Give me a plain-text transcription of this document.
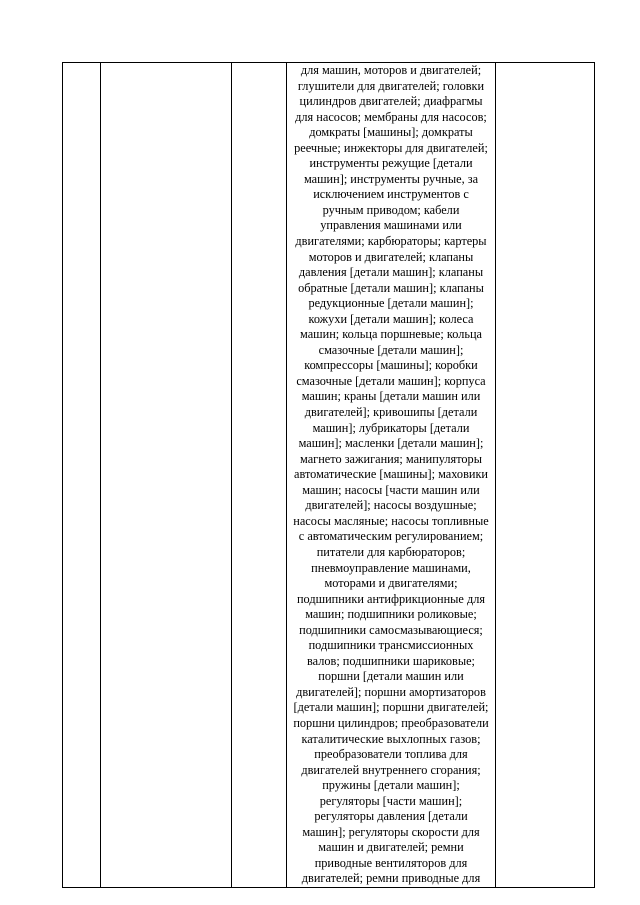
для машин, моторов и двигателей;
глушители для двигателей; головки
цилиндров двигателей; диафрагмы
для насосов; мембраны для насосов;
домкраты [машины]; домкраты
реечные; инжекторы для двигателей;
инструменты режущие [детали
машин]; инструменты ручные, за
исключением инструментов с
ручным приводом; кабели
управления машинами или
двигателями; карбюраторы; картеры
моторов и двигателей; клапаны
давления [детали машин]; клапаны
обратные [детали машин]; клапаны
редукционные [детали машин];
кожухи [детали машин]; колеса
машин; кольца поршневые; кольца
смазочные [детали машин];
компрессоры [машины]; коробки
смазочные [детали машин]; корпуса
машин; краны [детали машин или
двигателей]; кривошипы [детали
машин]; лубрикаторы [детали
машин]; масленки [детали машин];
магнето зажигания; манипуляторы
автоматические [машины]; маховики
машин; насосы [части машин или
двигателей]; насосы воздушные;
насосы масляные; насосы топливные
с автоматическим регулированием;
питатели для карбюраторов;
пневмоуправление машинами,
моторами и двигателями;
подшипники антифрикционные для
машин; подшипники роликовые;
подшипники самосмазывающиеся;
подшипники трансмиссионных
валов; подшипники шариковые;
поршни [детали машин или
двигателей]; поршни амортизаторов
[детали машин]; поршни двигателей;
поршни цилиндров; преобразователи
каталитические выхлопных газов;
преобразователи топлива для
двигателей внутреннего сгорания;
пружины [детали машин];
регуляторы [части машин];
регуляторы давления [детали
машин]; регуляторы скорости для
машин и двигателей; ремни
приводные вентиляторов для
двигателей; ремни приводные для
